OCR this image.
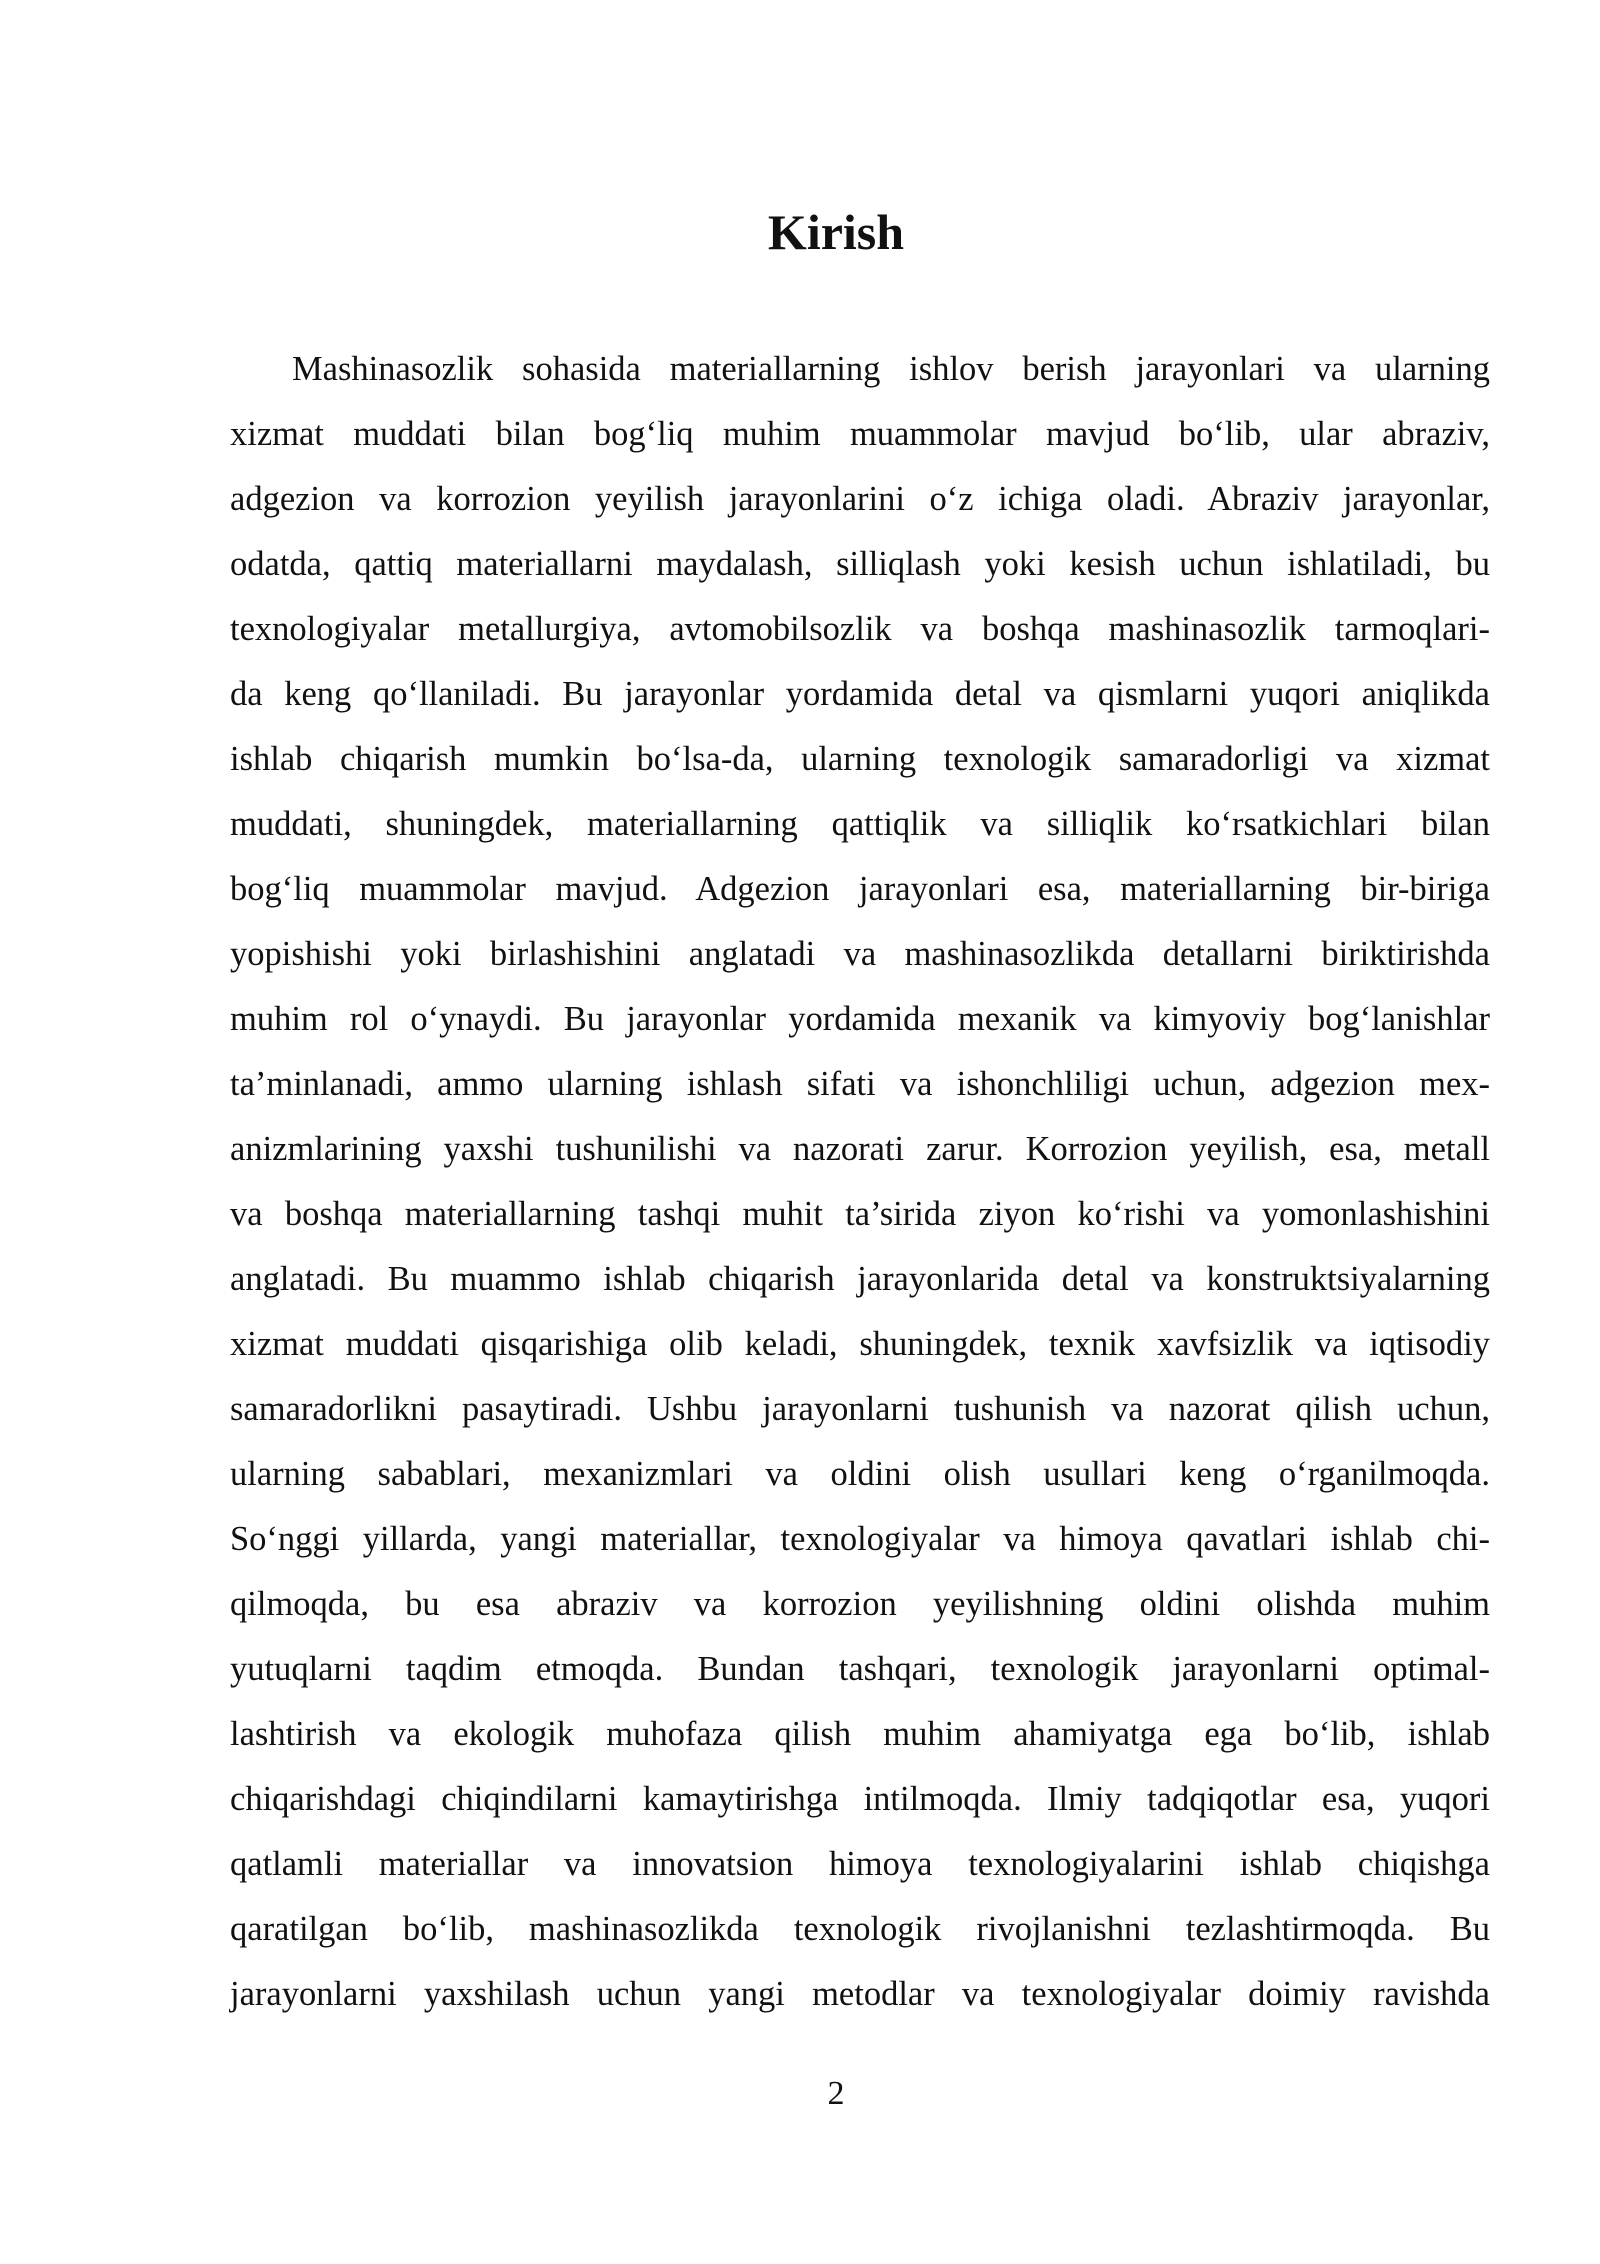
Kirish
Mashinasozlik sohasida materiallarning ishlov berish jarayonlari va ularning
xizmat muddati bilan bog‘liq muhim muammolar mavjud bo‘lib, ular abraziv,
adgezion va korrozion yeyilish jarayonlarini o‘z ichiga oladi. Abraziv jarayonlar,
odatda, qattiq materiallarni maydalash, silliqlash yoki kesish uchun ishlatiladi, bu
texnologiyalar metallurgiya, avtomobilsozlik va boshqa mashinasozlik tarmoqlari-
da keng qo‘llaniladi. Bu jarayonlar yordamida detal va qismlarni yuqori aniqlikda
ishlab chiqarish mumkin bo‘lsa-da, ularning texnologik samaradorligi va xizmat
muddati, shuningdek, materiallarning qattiqlik va silliqlik ko‘rsatkichlari bilan
bog‘liq muammolar mavjud. Adgezion jarayonlari esa, materiallarning bir-biriga
yopishishi yoki birlashishini anglatadi va mashinasozlikda detallarni biriktirishda
muhim rol o‘ynaydi. Bu jarayonlar yordamida mexanik va kimyoviy bog‘lanishlar
ta’minlanadi, ammo ularning ishlash sifati va ishonchliligi uchun, adgezion mex-
anizmlarining yaxshi tushunilishi va nazorati zarur. Korrozion yeyilish, esa, metall
va boshqa materiallarning tashqi muhit ta’sirida ziyon ko‘rishi va yomonlashishini
anglatadi. Bu muammo ishlab chiqarish jarayonlarida detal va konstruktsiyalarning
xizmat muddati qisqarishiga olib keladi, shuningdek, texnik xavfsizlik va iqtisodiy
samaradorlikni pasaytiradi. Ushbu jarayonlarni tushunish va nazorat qilish uchun,
ularning sabablari, mexanizmlari va oldini olish usullari keng o‘rganilmoqda.
So‘nggi yillarda, yangi materiallar, texnologiyalar va himoya qavatlari ishlab chi-
qilmoqda, bu esa abraziv va korrozion yeyilishning oldini olishda muhim
yutuqlarni taqdim etmoqda. Bundan tashqari, texnologik jarayonlarni optimal-
lashtirish va ekologik muhofaza qilish muhim ahamiyatga ega bo‘lib, ishlab
chiqarishdagi chiqindilarni kamaytirishga intilmoqda. Ilmiy tadqiqotlar esa, yuqori
qatlamli materiallar va innovatsion himoya texnologiyalarini ishlab chiqishga
qaratilgan bo‘lib, mashinasozlikda texnologik rivojlanishni tezlashtirmoqda. Bu
jarayonlarni yaxshilash uchun yangi metodlar va texnologiyalar doimiy ravishda
2
